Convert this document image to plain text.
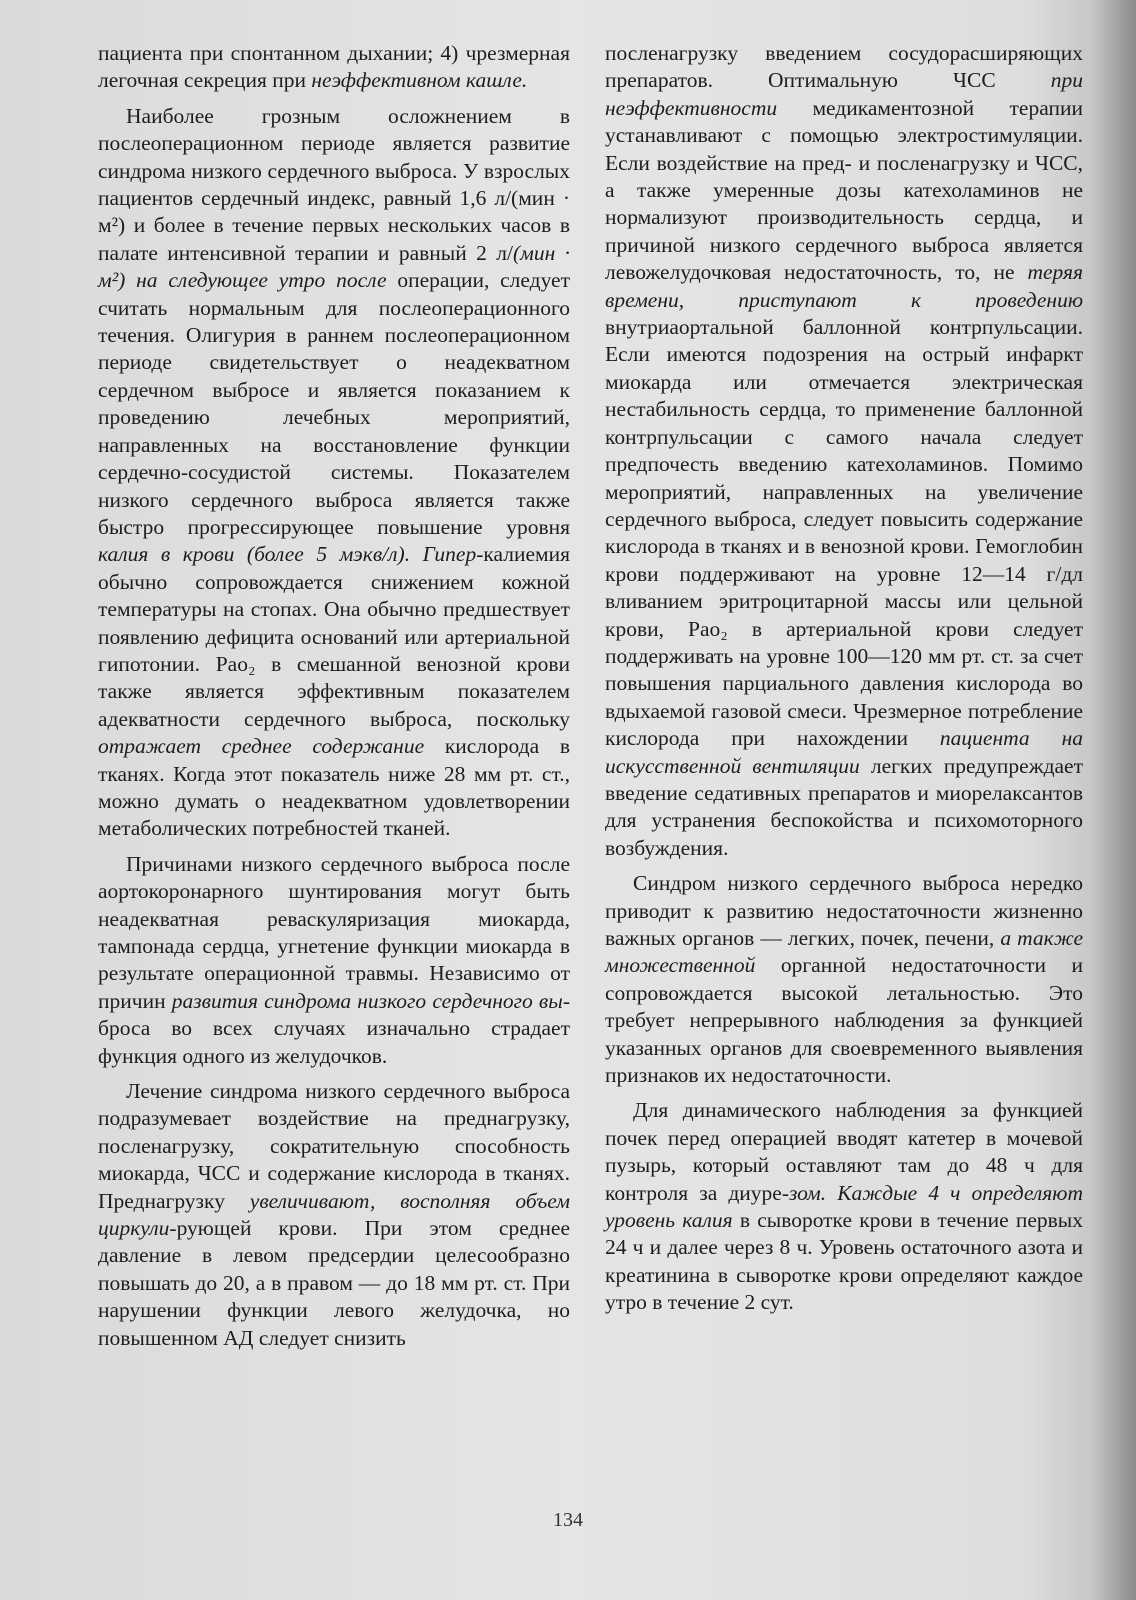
пациента при спонтанном дыхании; 4) чрезмерная легочная секреция при неэффективном кашле.

Наиболее грозным осложнением в послеоперационном периоде является развитие синдрома низкого сердечного выброса. У взрослых пациентов сердечный индекс, равный 1,6 л/(мин · м²) и более в течение первых нескольких часов в палате интенсивной терапии и равный 2 л/(мин · м²) на следующее утро после операции, следует считать нормальным для послеоперационного течения. Олигурия в раннем послеоперационном периоде свидетельствует о неадекватном сердечном выбросе и является показанием к проведению лечебных мероприятий, направленных на восстановление функции сердечно-сосудистой системы. Показателем низкого сердечного выброса является также быстро прогрессирующее повышение уровня калия в крови (более 5 мэкв/л). Гипер-калиемия обычно сопровождается снижением кожной температуры на стопах. Она обычно предшествует появлению дефицита оснований или артериальной гипотонии. Pao₂ в смешанной венозной крови также является эффективным показателем адекватности сердечного выброса, поскольку отражает среднее содержание кислорода в тканях. Когда этот показатель ниже 28 мм рт. ст., можно думать о неадекватном удовлетворении метаболических потребностей тканей.

Причинами низкого сердечного выброса после аортокоронарного шунтирования могут быть неадекватная реваскуляризация миокарда, тампонада сердца, угнетение функции миокарда в результате операционной травмы. Независимо от причин развития синдрома низкого сердечного вы-броса во всех случаях изначально страдает функция одного из желудочков.

Лечение синдрома низкого сердечного выброса подразумевает воздействие на преднагрузку, посленагрузку, сократительную способность миокарда, ЧСС и содержание кислорода в тканях. Преднагрузку увеличивают, восполняя объем циркули-рующей крови. При этом среднее давление в левом предсердии целесообразно повышать до 20, а в правом — до 18 мм рт. ст. При нарушении функции левого желудочка, но повышенном АД следует снизить

посленагрузку введением сосудорасширяющих препаратов. Оптимальную ЧСС при неэффективности медикаментозной терапии устанавливают с помощью электростимуляции. Если воздействие на пред- и посленагрузку и ЧСС, а также умеренные дозы катехоламинов не нормализуют производительность сердца, и причиной низкого сердечного выброса является левожелудочковая недостаточность, то, не теряя времени, приступают к проведению внутриаортальной баллонной контрпульсации. Если имеются подозрения на острый инфаркт миокарда или отмечается электрическая нестабильность сердца, то применение баллонной контрпульсации с самого начала следует предпочесть введению катехоламинов. Помимо мероприятий, направленных на увеличение сердечного выброса, следует повысить содержание кислорода в тканях и в венозной крови. Гемоглобин крови поддерживают на уровне 12—14 г/дл вливанием эритроцитарной массы или цельной крови, Pao₂ в артериальной крови следует поддерживать на уровне 100—120 мм рт. ст. за счет повышения парциального давления кислорода во вдыхаемой газовой смеси. Чрезмерное потребление кислорода при нахождении пациента на искусственной вентиляции легких предупреждает введение седативных препаратов и миорелаксантов для устранения беспокойства и психомоторного возбуждения.

Синдром низкого сердечного выброса нередко приводит к развитию недостаточности жизненно важных органов — легких, почек, печени, а также множественной органной недостаточности и сопровождается высокой летальностью. Это требует непрерывного наблюдения за функцией указанных органов для своевременного выявления признаков их недостаточности.

Для динамического наблюдения за функцией почек перед операцией вводят катетер в мочевой пузырь, который оставляют там до 48 ч для контроля за диуре-зом. Каждые 4 ч определяют уровень калия в сыворотке крови в течение первых 24 ч и далее через 8 ч. Уровень остаточного азота и креатинина в сыворотке крови определяют каждое утро в течение 2 сут.

134
